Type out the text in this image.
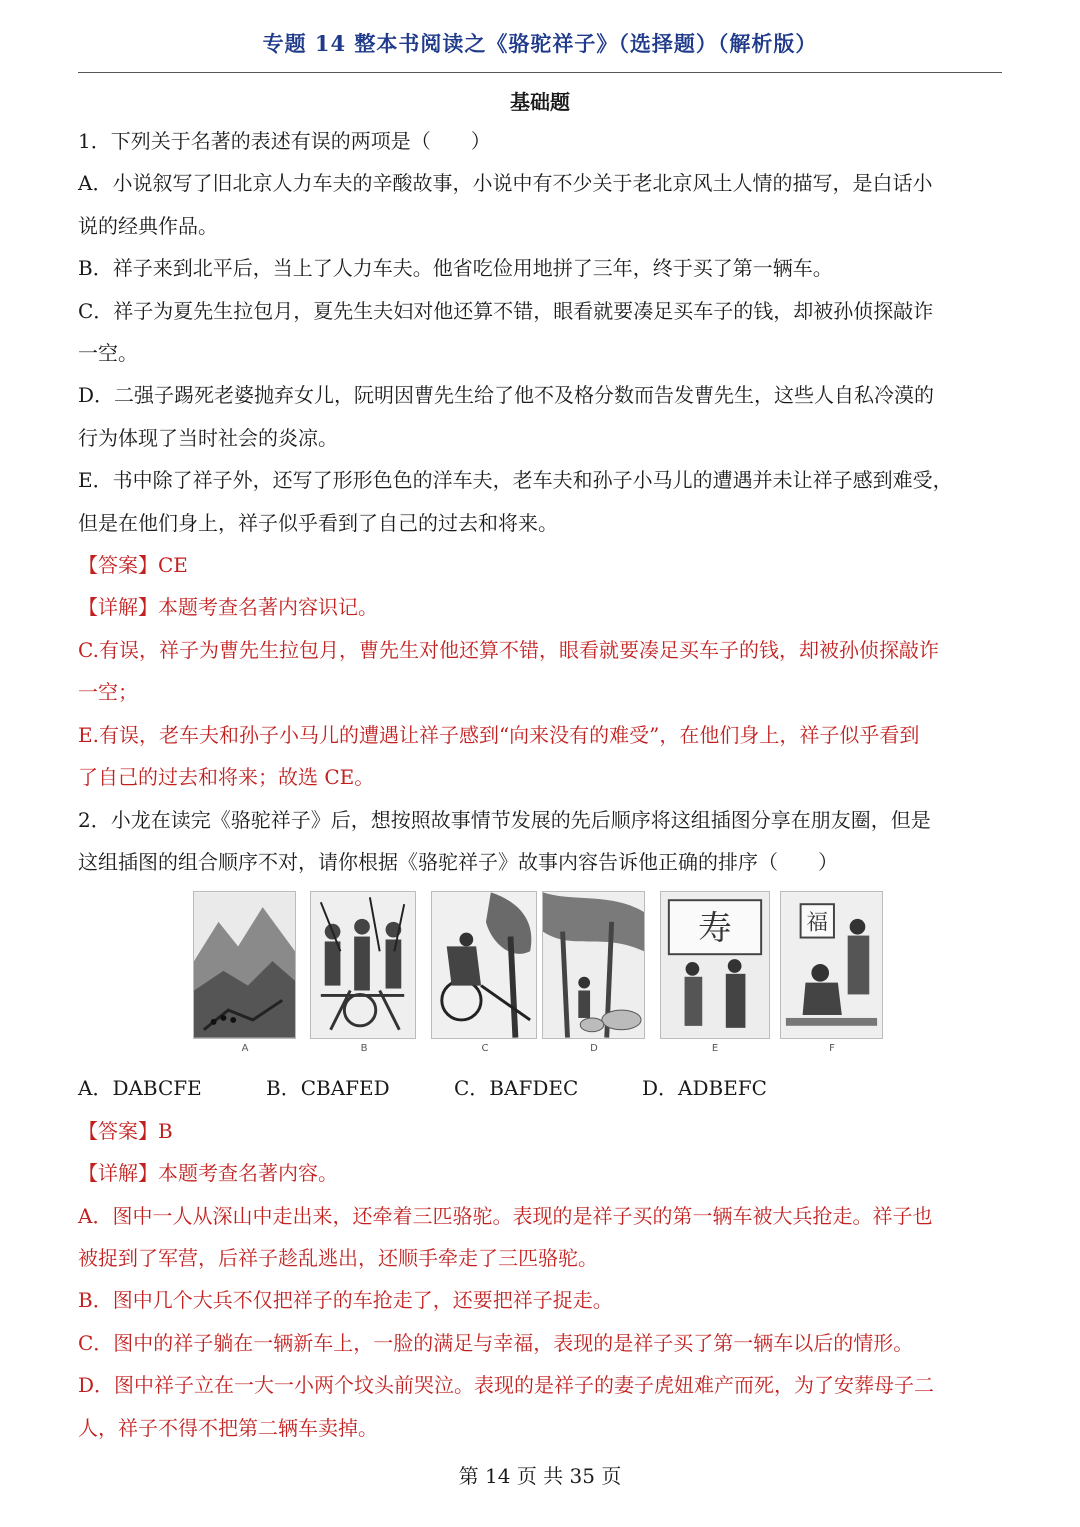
专题 14 整本书阅读之《骆驼祥子》（选择题）（解析版）
基础题
1．下列关于名著的表述有误的两项是（　　）
A．小说叙写了旧北京人力车夫的辛酸故事，小说中有不少关于老北京风土人情的描写，是白话小
说的经典作品。
B．祥子来到北平后，当上了人力车夫。他省吃俭用地拼了三年，终于买了第一辆车。
C．祥子为夏先生拉包月，夏先生夫妇对他还算不错，眼看就要凑足买车子的钱，却被孙侦探敲诈
一空。
D．二强子踢死老婆抛弃女儿，阮明因曹先生给了他不及格分数而告发曹先生，这些人自私冷漠的
行为体现了当时社会的炎凉。
E．书中除了祥子外，还写了形形色色的洋车夫，老车夫和孙子小马儿的遭遇并未让祥子感到难受，
但是在他们身上，祥子似乎看到了自己的过去和将来。
【答案】CE
【详解】本题考查名著内容识记。
C.有误，祥子为曹先生拉包月，曹先生对他还算不错，眼看就要凑足买车子的钱，却被孙侦探敲诈
一空；
E.有误，老车夫和孙子小马儿的遭遇让祥子感到“向来没有的难受”，在他们身上，祥子似乎看到
了自己的过去和将来；故选 CE。
2．小龙在读完《骆驼祥子》后，想按照故事情节发展的先后顺序将这组插图分享在朋友圈，但是
这组插图的组合顺序不对，请你根据《骆驼祥子》故事内容告诉他正确的排序（　　）
A	B	C	D
寿
E
福
F
A．DABCFE	B．CBAFED	C．BAFDEC	D．ADBEFC
【答案】B
【详解】本题考查名著内容。
A．图中一人从深山中走出来，还牵着三匹骆驼。表现的是祥子买的第一辆车被大兵抢走。祥子也
被捉到了军营，后祥子趁乱逃出，还顺手牵走了三匹骆驼。
B．图中几个大兵不仅把祥子的车抢走了，还要把祥子捉走。
C．图中的祥子躺在一辆新车上，一脸的满足与幸福，表现的是祥子买了第一辆车以后的情形。
D．图中祥子立在一大一小两个坟头前哭泣。表现的是祥子的妻子虎妞难产而死，为了安葬母子二
人，祥子不得不把第二辆车卖掉。
第 14 页 共 35 页
